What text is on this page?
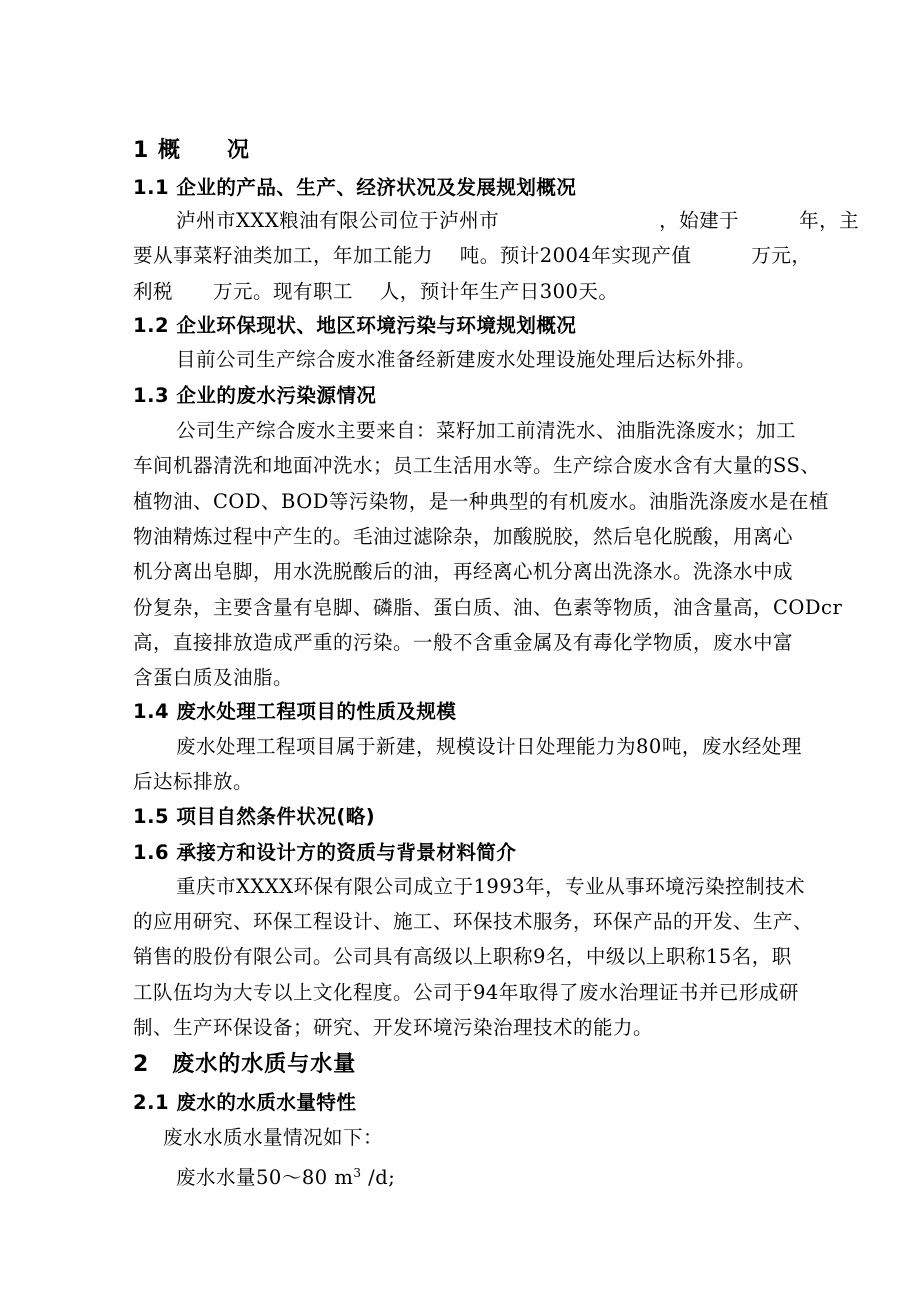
1 概　　况
1.1 企业的产品、生产、经济状况及发展规划概况
泸州市XXX粮油有限公司位于泸州市　　　　　　　　，始建于　　　年，主
要从事菜籽油类加工，年加工能力　 吨。预计2004年实现产值　　　万元，
利税　　万元。现有职工　 人，预计年生产日300天。
1.2 企业环保现状、地区环境污染与环境规划概况
目前公司生产综合废水准备经新建废水处理设施处理后达标外排。
1.3 企业的废水污染源情况
公司生产综合废水主要来自：菜籽加工前清洗水、油脂洗涤废水；加工
车间机器清洗和地面冲洗水；员工生活用水等。生产综合废水含有大量的SS、
植物油、COD、BOD等污染物，是一种典型的有机废水。油脂洗涤废水是在植
物油精炼过程中产生的。毛油过滤除杂，加酸脱胶，然后皂化脱酸，用离心
机分离出皂脚，用水洗脱酸后的油，再经离心机分离出洗涤水。洗涤水中成
份复杂，主要含量有皂脚、磷脂、蛋白质、油、色素等物质，油含量高，CODcr
高，直接排放造成严重的污染。一般不含重金属及有毒化学物质，废水中富
含蛋白质及油脂。
1.4 废水处理工程项目的性质及规模
废水处理工程项目属于新建，规模设计日处理能力为80吨，废水经处理
后达标排放。
1.5 项目自然条件状况(略)
1.6 承接方和设计方的资质与背景材料简介
重庆市XXXX环保有限公司成立于1993年，专业从事环境污染控制技术
的应用研究、环保工程设计、施工、环保技术服务，环保产品的开发、生产、
销售的股份有限公司。公司具有高级以上职称9名，中级以上职称15名，职
工队伍均为大专以上文化程度。公司于94年取得了废水治理证书并已形成研
制、生产环保设备；研究、开发环境污染治理技术的能力。
2　废水的水质与水量
2.1 废水的水质水量特性
废水水质水量情况如下：
废水水量50～80 $m^3$ /d;
